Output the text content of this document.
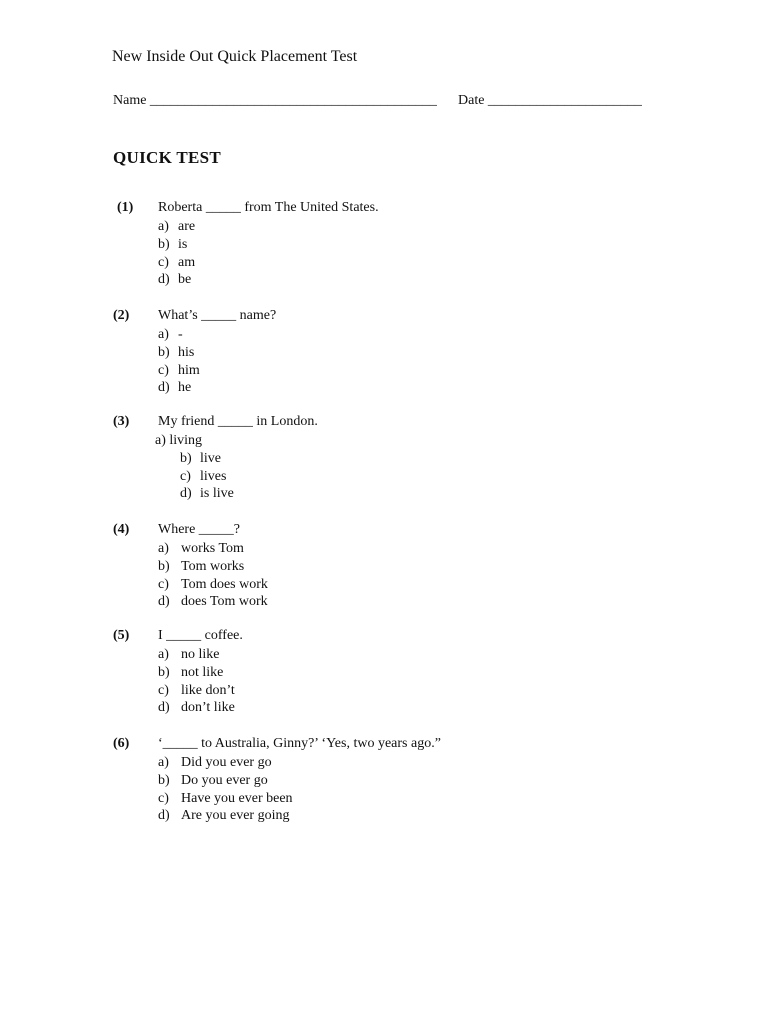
New Inside Out Quick Placement Test
Name _________________________________________ Date ______________________
QUICK TEST
(1) Roberta _____ from The United States.
a) are
b) is
c) am
d) be
(2) What’s _____ name?
a) -
b) his
c) him
d) he
(3) My friend _____ in London.
a) living
b) live
c) lives
d) is live
(4) Where _____?
a) works Tom
b) Tom works
c) Tom does work
d) does Tom work
(5) I _____ coffee.
a) no like
b) not like
c) like don’t
d) don’t like
(6) ‘_____ to Australia, Ginny?’ ‘Yes, two years ago.”
a) Did you ever go
b) Do you ever go
c) Have you ever been
d) Are you ever going
